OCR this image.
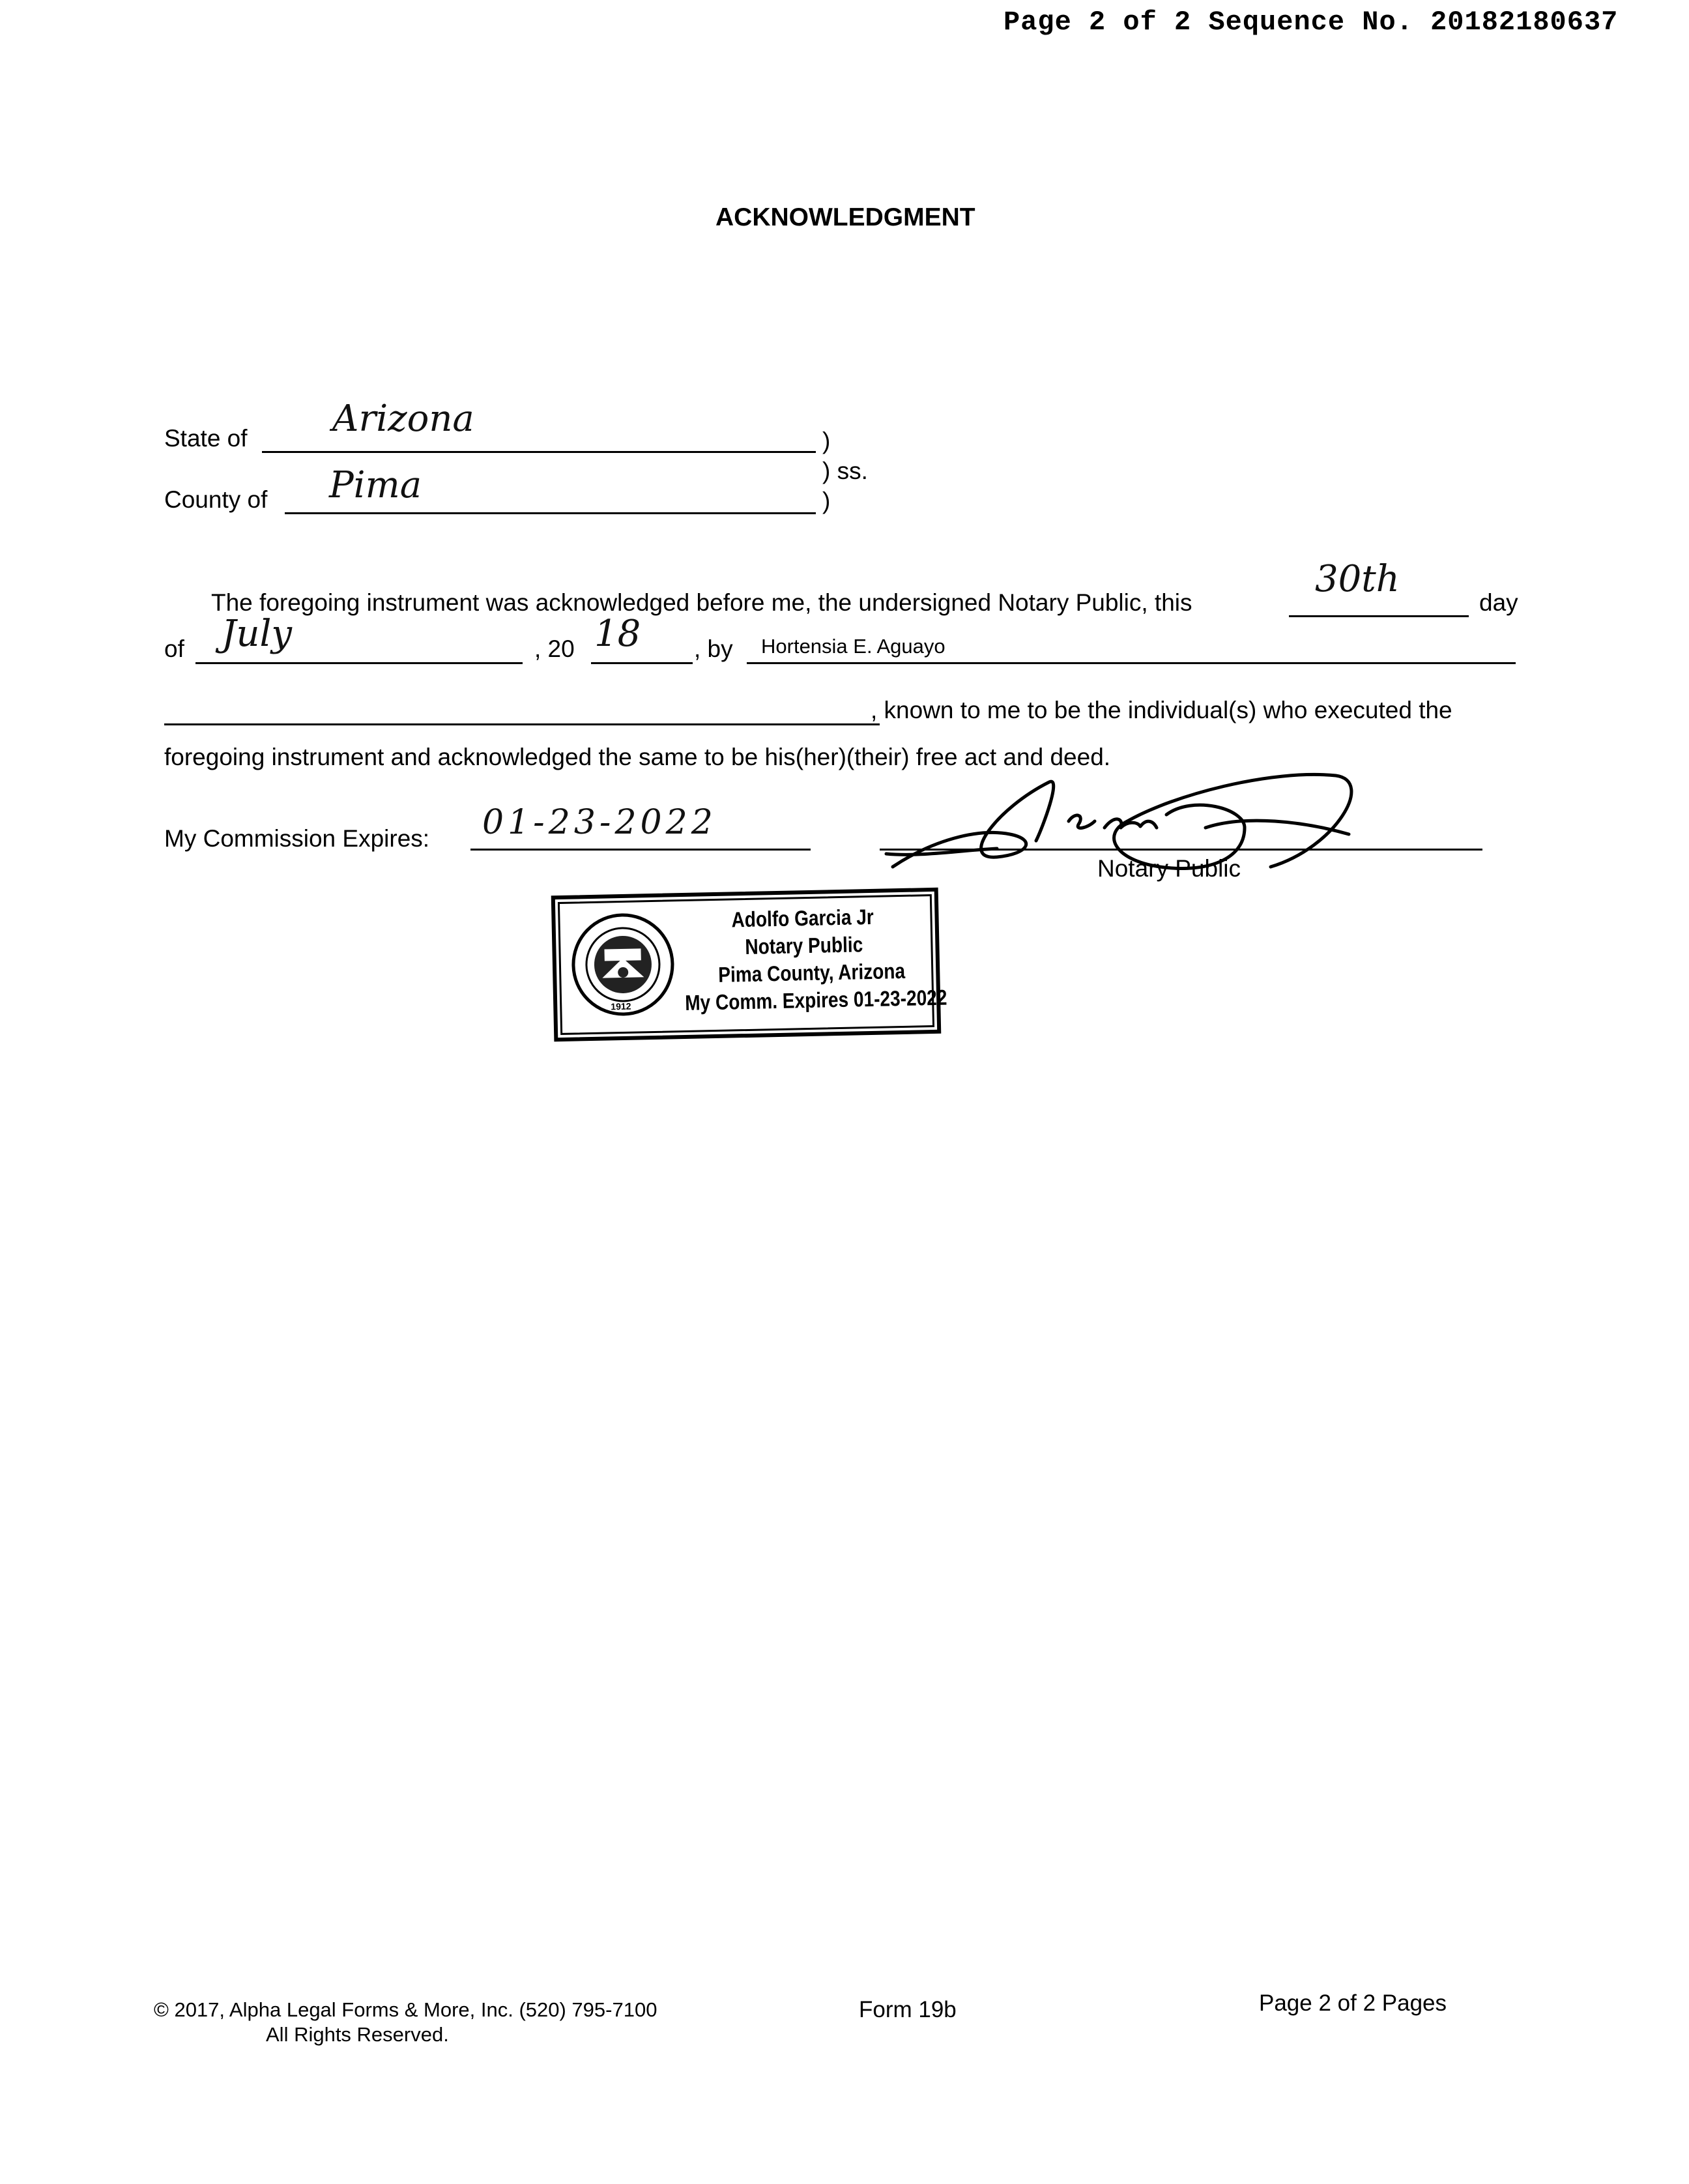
Page 2 of 2 Sequence No. 20182180637
ACKNOWLEDGMENT
State of Arizona
County of Pima
)
) ss.
)
The foregoing instrument was acknowledged before me, the undersigned Notary Public, this
30th
day
of July	, 20 18 , by Hortensia E. Aguayo
, known to me to be the individual(s) who executed the
foregoing instrument and acknowledged the same to be his(her)(their) free act and deed.
My Commission Expires: 01-23-2022
Notary Public
1912
Adolfo Garcia Jr
Notary Public
Pima County, Arizona
My Comm. Expires 01-23-2022
© 2017, Alpha Legal Forms & More, Inc. (520) 795-7100
All Rights Reserved.
Form 19b	Page 2 of 2 Pages
